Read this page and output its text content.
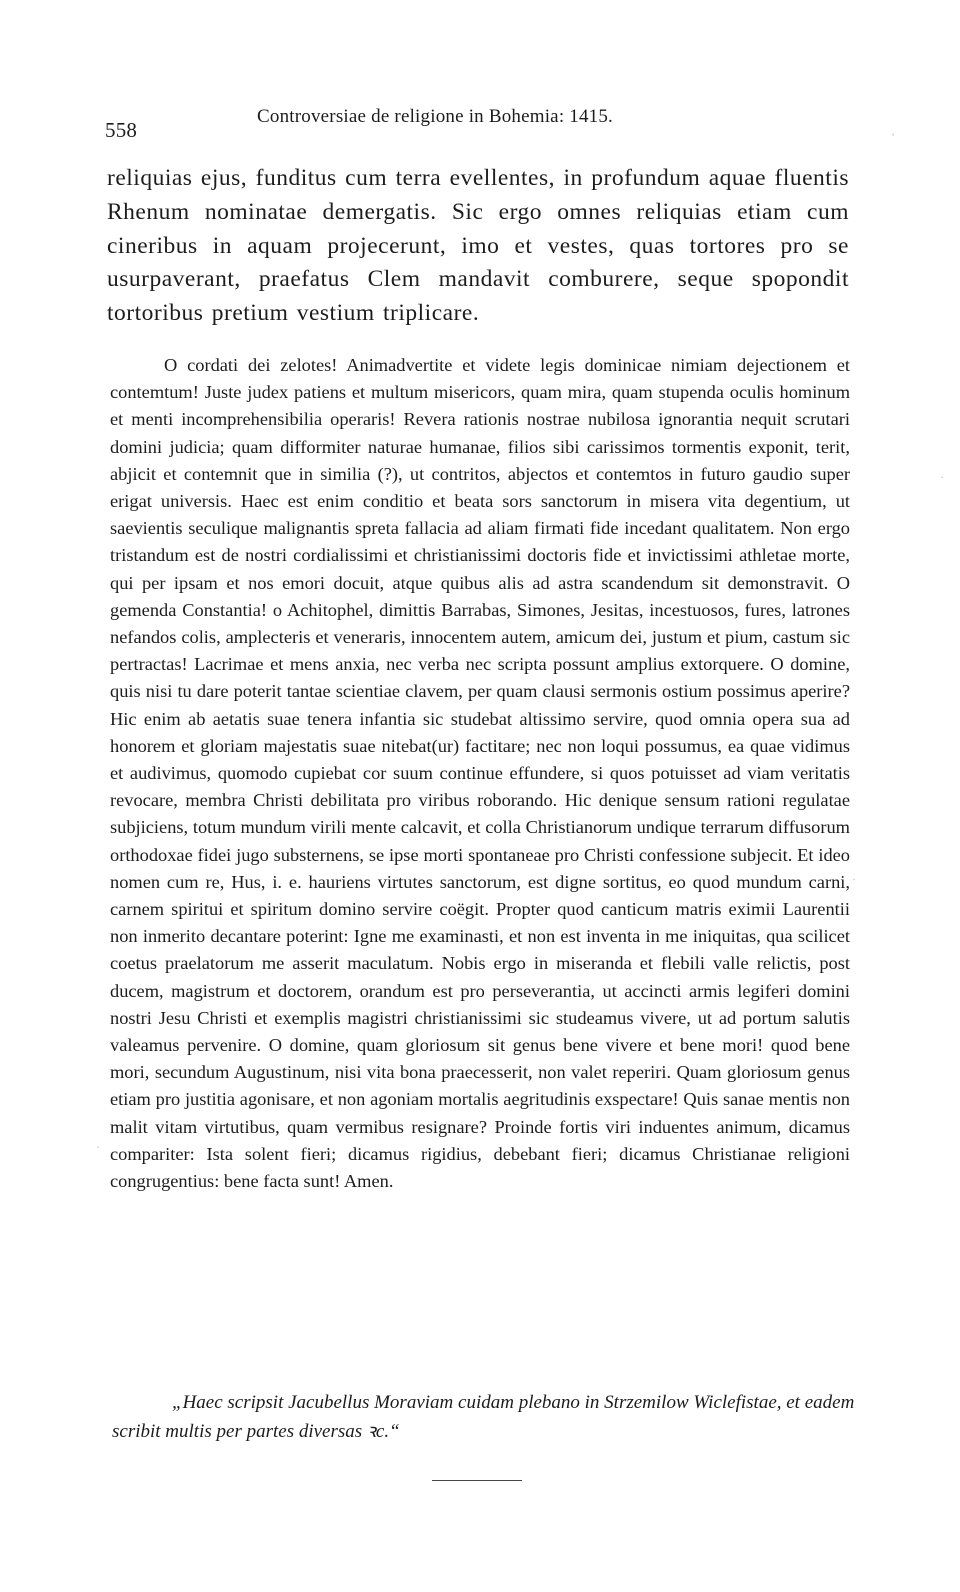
558
Controversiae de religione in Bohemia: 1415.

reliquias ejus, funditus cum terra evellentes, in profundum aquae fluentis Rhenum nominatae demergatis. Sic ergo omnes reliquias etiam cum cineribus in aquam projecerunt, imo et vestes, quas tortores pro se usurpaverant, praefatus Clem mandavit comburere, seque spopondit tortoribus pretium vestium triplicare.

O cordati dei zelotes! Animadvertite et videte legis dominicae nimiam dejectionem et contemtum! Juste judex patiens et multum misericors, quam mira, quam stupenda oculis hominum et menti incomprehensibilia operaris! Revera rationis nostrae nubilosa ignorantia nequit scrutari domini judicia; quam difformiter naturae humanae, filios sibi carissimos tormentis exponit, terit, abjicit et contemnit que in similia (?), ut contritos, abjectos et contemtos in futuro gaudio super erigat universis. Haec est enim conditio et beata sors sanctorum in misera vita degentium, ut saevientis seculique malignantis spreta fallacia ad aliam firmati fide incedant qualitatem. Non ergo tristandum est de nostri cordialissimi et christianissimi doctoris fide et invictissimi athletae morte, qui per ipsam et nos emori docuit, atque quibus alis ad astra scandendum sit demonstravit. O gemenda Constantia! o Achitophel, dimittis Barrabas, Simones, Jesitas, incestuosos, fures, latrones nefandos colis, amplecteris et veneraris, innocentem autem, amicum dei, justum et pium, castum sic pertractas! Lacrimae et mens anxia, nec verba nec scripta possunt amplius extorquere. O domine, quis nisi tu dare poterit tantae scientiae clavem, per quam clausi sermonis ostium possimus aperire? Hic enim ab aetatis suae tenera infantia sic studebat altissimo servire, quod omnia opera sua ad honorem et gloriam majestatis suae nitebat(ur) factitare; nec non loqui possumus, ea quae vidimus et audivimus, quomodo cupiebat cor suum continue effundere, si quos potuisset ad viam veritatis revocare, membra Christi debilitata pro viribus roborando. Hic denique sensum rationi regulatae subjiciens, totum mundum virili mente calcavit, et colla Christianorum undique terrarum diffusorum orthodoxae fidei jugo substernens, se ipse morti spontaneae pro Christi confessione subjecit. Et ideo nomen cum re, Hus, i. e. hauriens virtutes sanctorum, est digne sortitus, eo quod mundum carni, carnem spiritui et spiritum domino servire coëgit. Propter quod canticum matris eximii Laurentii non inmerito decantare poterint: Igne me examinasti, et non est inventa in me iniquitas, qua scilicet coetus praelatorum me asserit maculatum. Nobis ergo in miseranda et flebili valle relictis, post ducem, magistrum et doctorem, orandum est pro perseverantia, ut accincti armis legiferi domini nostri Jesu Christi et exemplis magistri christianissimi sic studeamus vivere, ut ad portum salutis valeamus pervenire. O domine, quam gloriosum sit genus bene vivere et bene mori! quod bene mori, secundum Augustinum, nisi vita bona praecesserit, non valet reperiri. Quam gloriosum genus etiam pro justitia agonisare, et non agoniam mortalis aegritudinis exspectare! Quis sanae mentis non malit vitam virtutibus, quam vermibus resignare? Proinde fortis viri induentes animum, dicamus compariter: Ista solent fieri; dicamus rigidius, debebant fieri; dicamus Christianae religioni congrugentius: bene facta sunt! Amen.

„Haec scripsit Jacubellus Moraviam cuidam plebano in Strzemilow Wiclefistae, et eadem scribit multis per partes diversas ꝛc.“

'
·
·
·
